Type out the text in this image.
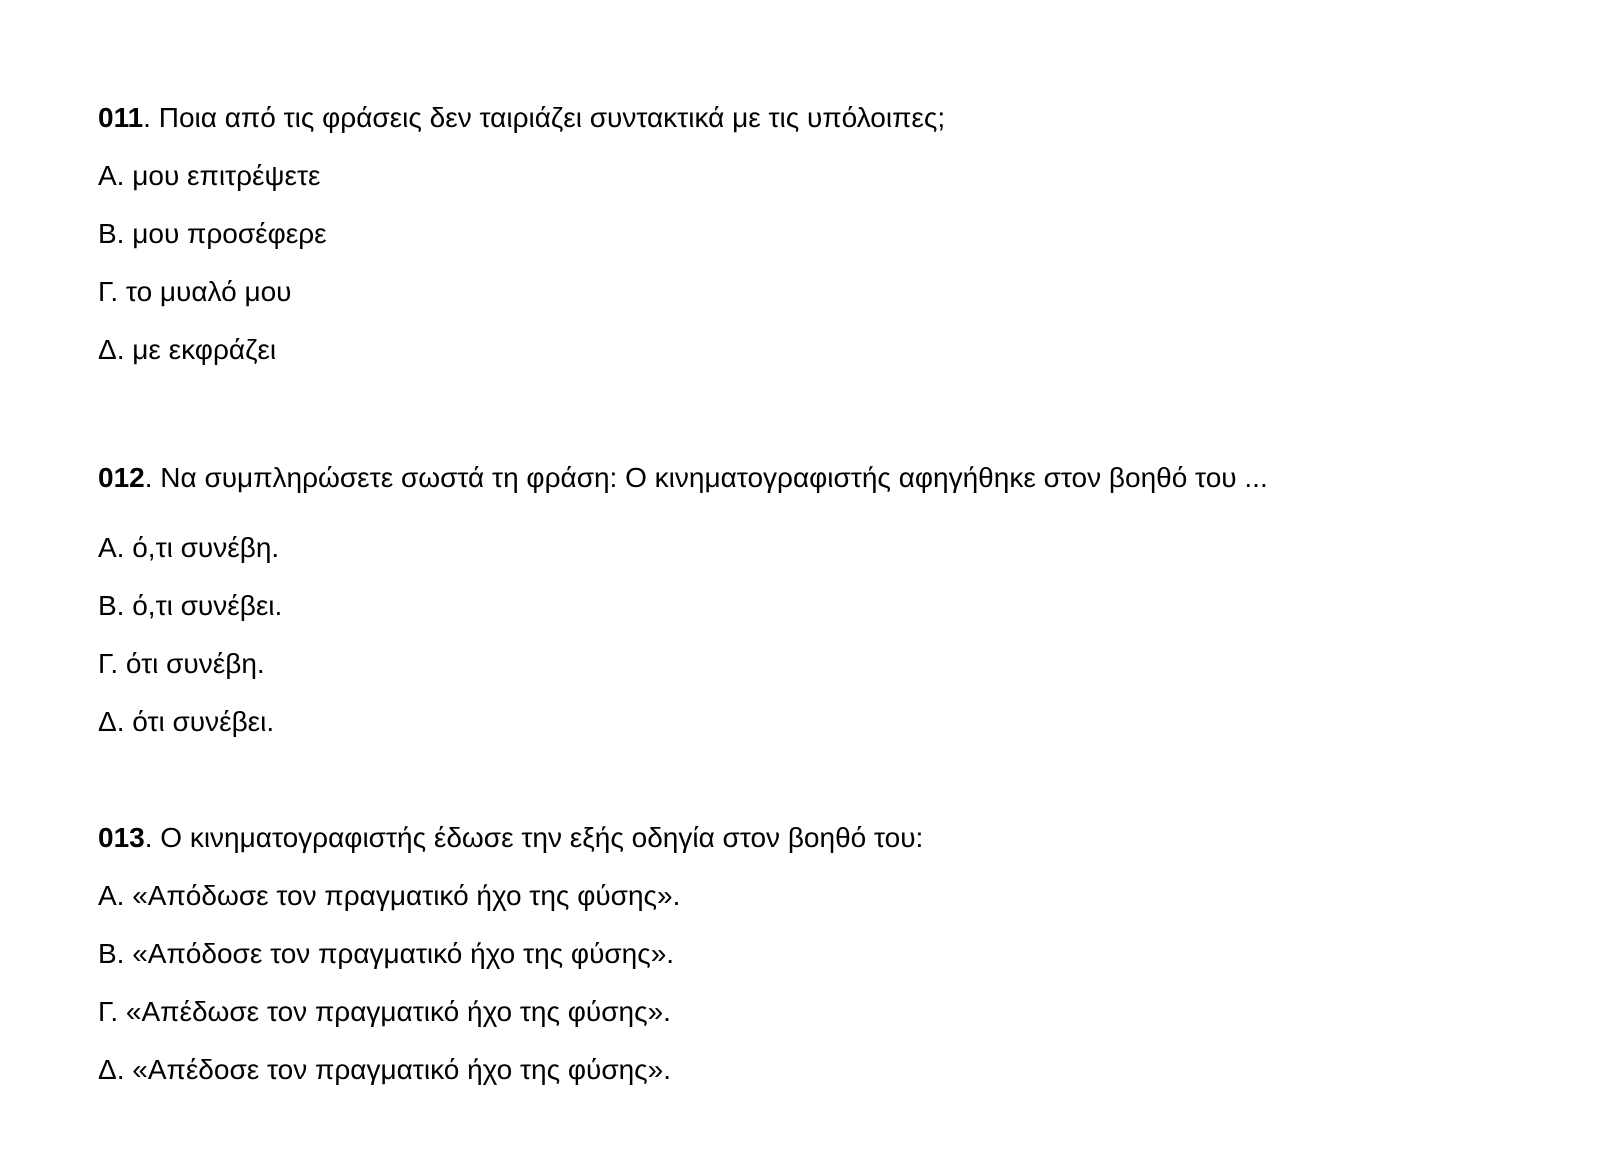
011. Ποια από τις φράσεις δεν ταιριάζει συντακτικά με τις υπόλοιπες;
Α. μου επιτρέψετε
Β. μου προσέφερε
Γ. το μυαλό μου
Δ. με εκφράζει
012. Να συμπληρώσετε σωστά τη φράση: Ο κινηματογραφιστής αφηγήθηκε στον βοηθό του ...
Α. ό,τι συνέβη.
Β. ό,τι συνέβει.
Γ. ότι συνέβη.
Δ. ότι συνέβει.
013. Ο κινηματογραφιστής έδωσε την εξής οδηγία στον βοηθό του:
Α. «Απόδωσε τον πραγματικό ήχο της φύσης».
Β. «Απόδοσε τον πραγματικό ήχο της φύσης».
Γ. «Απέδωσε τον πραγματικό ήχο της φύσης».
Δ. «Απέδοσε τον πραγματικό ήχο της φύσης».
